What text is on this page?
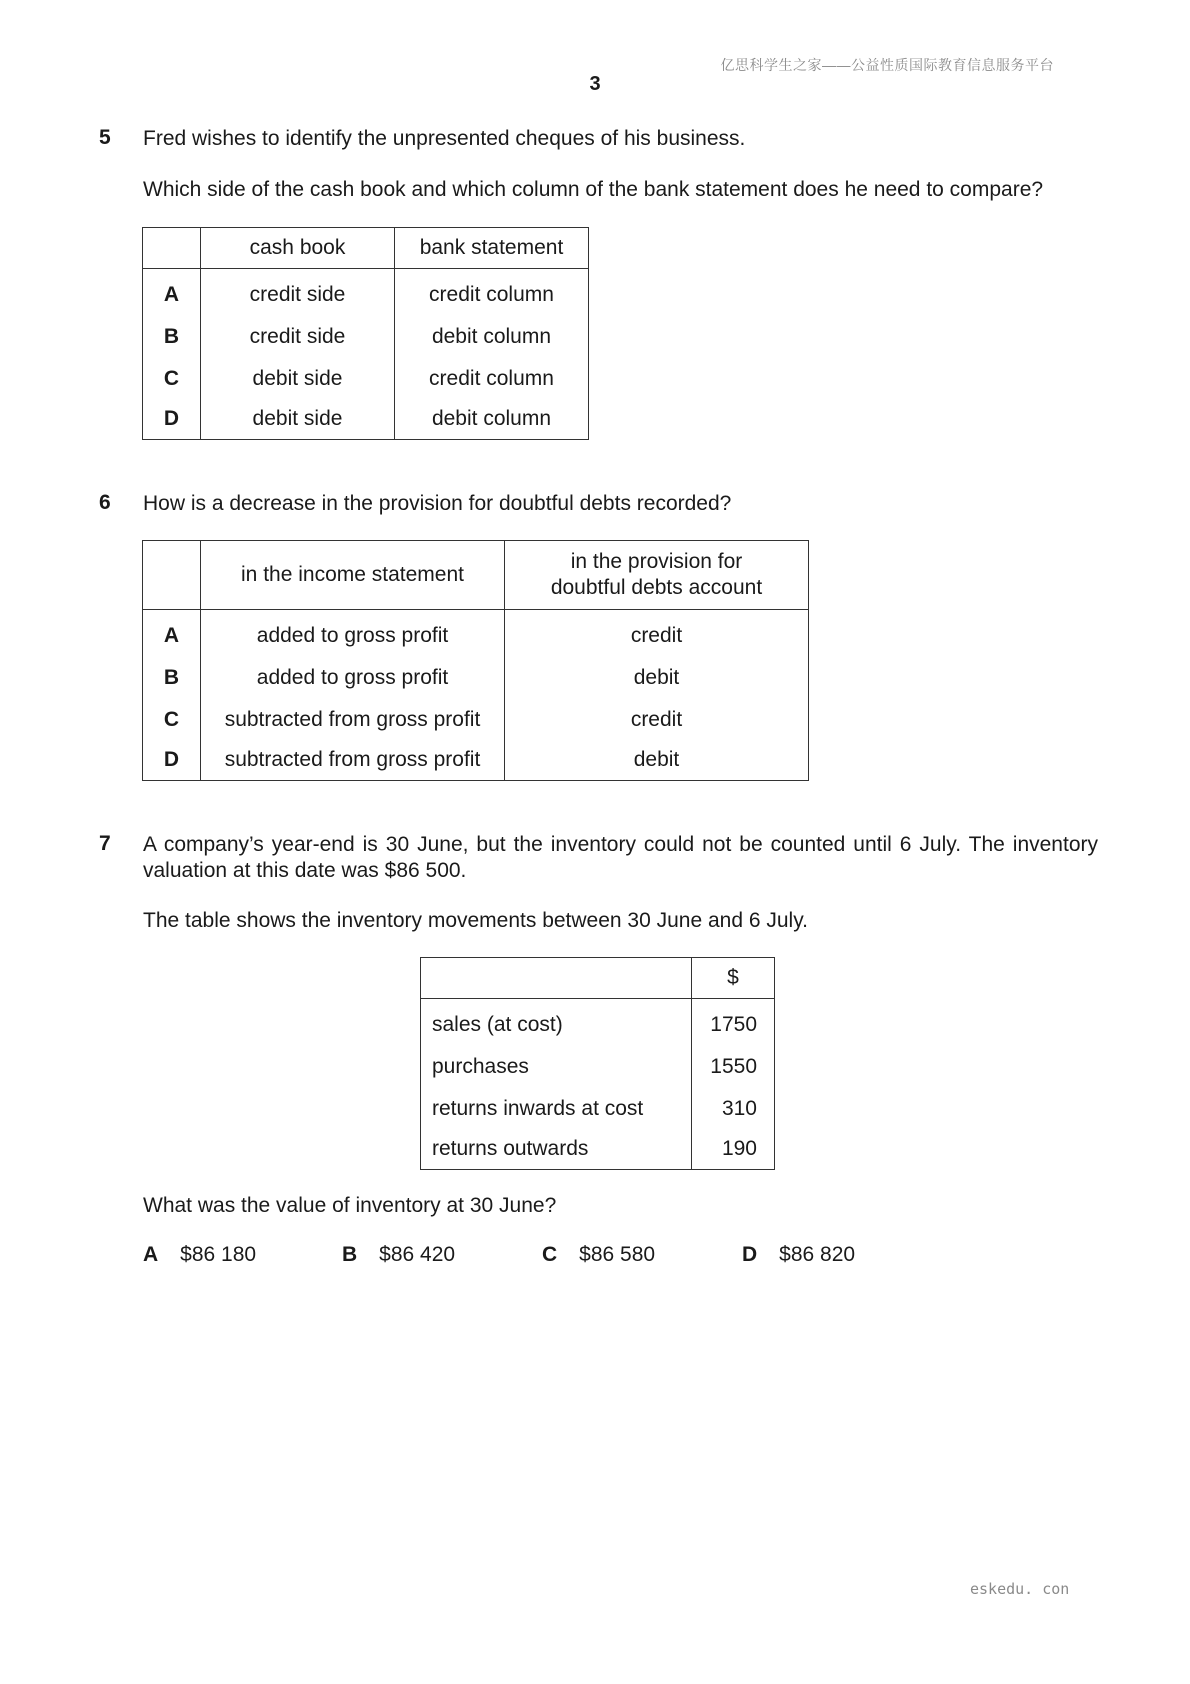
亿思科学生之家——公益性质国际教育信息服务平台
3
5 Fred wishes to identify the unpresented cheques of his business.
Which side of the cash book and which column of the bank statement does he need to compare?
	cash book	bank statement
A	credit side	credit column
B	credit side	debit column
C	debit side	credit column
D	debit side	debit column
6 How is a decrease in the provision for doubtful debts recorded?
	in the income statement	in the provision for
doubtful debts account

A	added to gross profit	credit
B	added to gross profit	debit
C	subtracted from gross profit	credit
D	subtracted from gross profit	debit
7 A company’s year-end is 30 June, but the inventory could not be counted until 6 July. The inventory valuation at this date was $86 500.
The table shows the inventory movements between 30 June and 6 July.
	$
sales (at cost)	1750
purchases	1550
returns inwards at cost	310
returns outwards	190
What was the value of inventory at 30 June?
A $86 180	B $86 420	C $86 580	D $86 820
eskedu. con
